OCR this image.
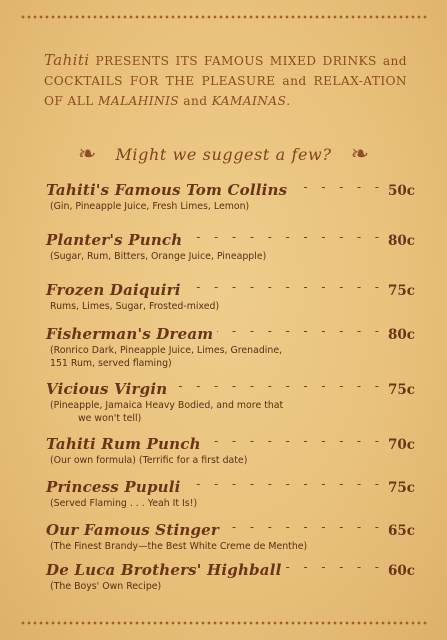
Tahiti PRESENTS ITS FAMOUS MIXED DRINKS and COCKTAILS FOR THE PLEASURE and RELAX-ATION OF ALL MALAHINIS and KAMAINAS.
❧ Might we suggest a few? ❧
Tahiti's Famous Tom Collins - - -	50c
(Gin, Pineapple Juice, Fresh Limes, Lemon)
Planter's Punch - - -	80c
(Sugar, Rum, Bitters, Orange Juice, Pineapple)
Frozen Daiquiri - - -	75c
Rums, Limes, Sugar, Frosted-mixed)
Fisherman's Dream - - -	80c
(Ronrico Dark, Pineapple Juice, Limes, Grenadine,
151 Rum, served flaming)
Vicious Virgin - - -	75c
(Pineapple, Jamaica Heavy Bodied, and more that
we won't tell)
Tahiti Rum Punch - - -	70c
(Our own formula) (Terrific for a first date)
Princess Pupuli - - -	75c
(Served Flaming . . . Yeah It Is!)
Our Famous Stinger - - -	65c
(The Finest Brandy—the Best White Creme de Menthe)
De Luca Brothers' Highball - - -	60c
(The Boys' Own Recipe)
